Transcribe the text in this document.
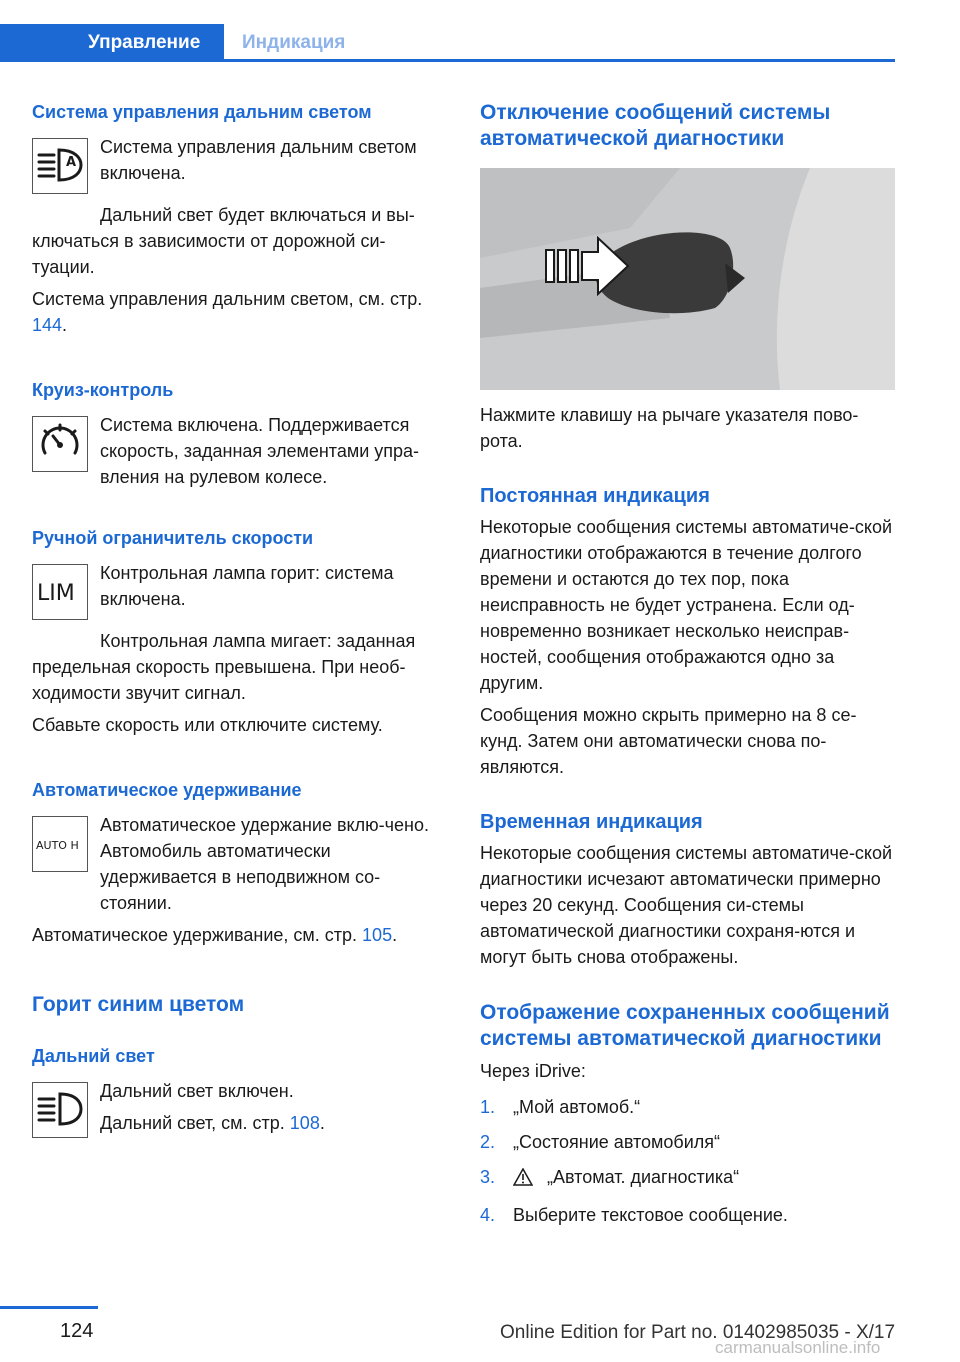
Управление	Индикация
Система управления дальним светом
A

Система управления дальним светом включена.

Дальний свет будет включаться и вы-ключаться в зависимости от дорожной си-туации.

Система управления дальним светом, см. стр. 144.

Круиз-контроль

Система включена. Поддерживается скорость, заданная элементами упра-вления на рулевом колесе.

Ручной ограничитель скорости
LIM

Контрольная лампа горит: система включена.

Контрольная лампа мигает: заданная предельная скорость превышена. При необ-ходимости звучит сигнал.

Сбавьте скорость или отключите систему.

Автоматическое удерживание
AUTO H

Автоматическое удержание вклю-чено. Автомобиль автоматически удерживается в неподвижном со-стоянии.

Автоматическое удерживание, см. стр. 105.

Горит синим цветом
Дальний свет

Дальний свет включен.

Дальний свет, см. стр. 108.

Отключение сообщений системы автоматической диагностики

Нажмите клавишу на рычаге указателя пово-рота.

Постоянная индикация

Некоторые сообщения системы автоматиче-ской диагностики отображаются в течение долгого времени и остаются до тех пор, пока неисправность не будет устранена. Если од-новременно возникает несколько неисправ-ностей, сообщения отображаются одно за другим.

Сообщения можно скрыть примерно на 8 се-кунд. Затем они автоматически снова по-являются.

Временная индикация

Некоторые сообщения системы автоматиче-ской диагностики исчезают автоматически примерно через 20 секунд. Сообщения си-стемы автоматической диагностики сохраня-ются и могут быть снова отображены.

Отображение сохраненных сообщений системы автоматической диагностики

Через iDrive:

1. „Мой автомоб.“
2. „Состояние автомобиля“
3.	„Автомат. диагностика“
4. Выберите текстовое сообщение.
124	Online Edition for Part no. 01402985035 - X/17
carmanualsonline.info
